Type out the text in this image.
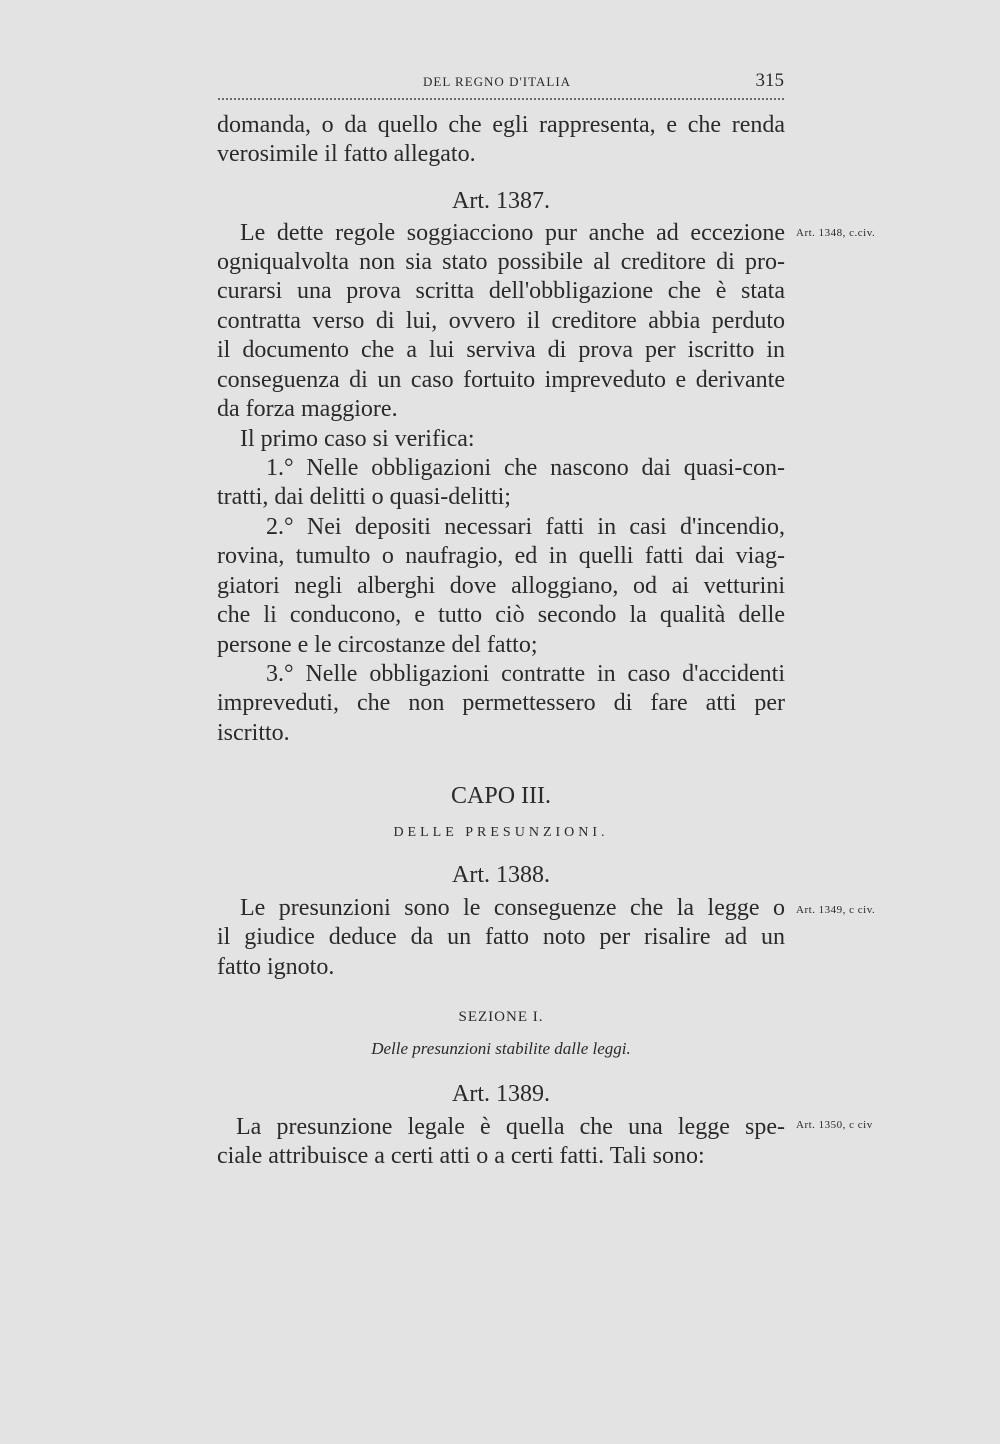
DEL REGNO D'ITALIA	315
domanda, o da quello che egli rappresenta, e che renda
verosimile il fatto allegato.
Art. 1387.
Le dette regole soggiacciono pur anche ad eccezione
ogniqualvolta non sia stato possibile al creditore di pro-
curarsi una prova scritta dell'obbligazione che è stata
contratta verso di lui, ovvero il creditore abbia perduto
il documento che a lui serviva di prova per iscritto in
conseguenza di un caso fortuito impreveduto e derivante
da forza maggiore.
Il primo caso si verifica:
1.° Nelle obbligazioni che nascono dai quasi-con-
tratti, dai delitti o quasi-delitti;
2.° Nei depositi necessari fatti in casi d'incendio,
rovina, tumulto o naufragio, ed in quelli fatti dai viag-
giatori negli alberghi dove alloggiano, od ai vetturini
che li conducono, e tutto ciò secondo la qualità delle
persone e le circostanze del fatto;
3.° Nelle obbligazioni contratte in caso d'accidenti
impreveduti, che non permettessero di fare atti per
iscritto.
CAPO III.
DELLE PRESUNZIONI.
Art. 1388.
Le presunzioni sono le conseguenze che la legge o
il giudice deduce da un fatto noto per risalire ad un
fatto ignoto.
SEZIONE I.
Delle presunzioni stabilite dalle leggi.
Art. 1389.
La presunzione legale è quella che una legge spe-
ciale attribuisce a certi atti o a certi fatti. Tali sono:
Art. 1348, c.civ.
Art. 1349, c civ.
Art. 1350, c civ
